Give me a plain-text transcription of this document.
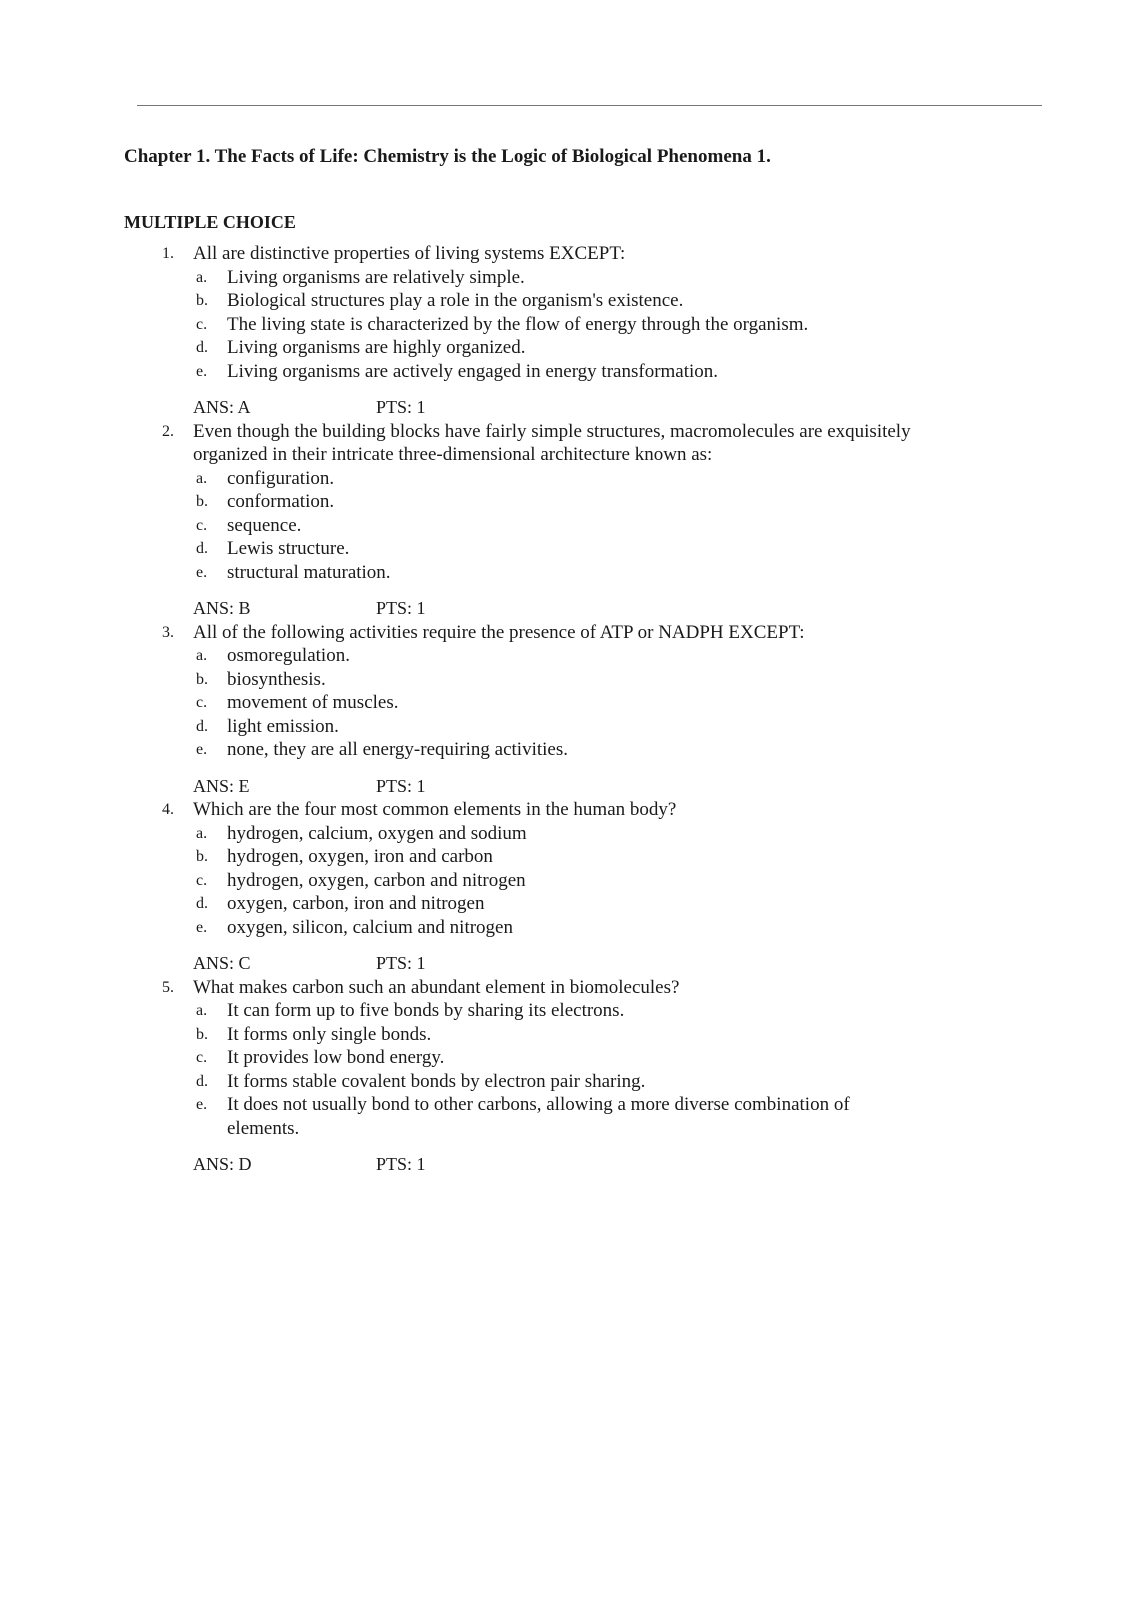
Chapter 1. The Facts of Life: Chemistry is the Logic of Biological Phenomena 1.
MULTIPLE CHOICE
1. All are distinctive properties of living systems EXCEPT:
a. Living organisms are relatively simple.
b. Biological structures play a role in the organism's existence.
c. The living state is characterized by the flow of energy through the organism.
d. Living organisms are highly organized.
e. Living organisms are actively engaged in energy transformation.
ANS: A	PTS: 1
2. Even though the building blocks have fairly simple structures, macromolecules are exquisitely organized in their intricate three-dimensional architecture known as:
a. configuration.
b. conformation.
c. sequence.
d. Lewis structure.
e. structural maturation.
ANS: B	PTS: 1
3. All of the following activities require the presence of ATP or NADPH EXCEPT:
a. osmoregulation.
b. biosynthesis.
c. movement of muscles.
d. light emission.
e. none, they are all energy-requiring activities.
ANS: E	PTS: 1
4. Which are the four most common elements in the human body?
a. hydrogen, calcium, oxygen and sodium
b. hydrogen, oxygen, iron and carbon
c. hydrogen, oxygen, carbon and nitrogen
d. oxygen, carbon, iron and nitrogen
e. oxygen, silicon, calcium and nitrogen
ANS: C	PTS: 1
5. What makes carbon such an abundant element in biomolecules?
a. It can form up to five bonds by sharing its electrons.
b. It forms only single bonds.
c. It provides low bond energy.
d. It forms stable covalent bonds by electron pair sharing.
e. It does not usually bond to other carbons, allowing a more diverse combination of elements.
ANS: D	PTS: 1
